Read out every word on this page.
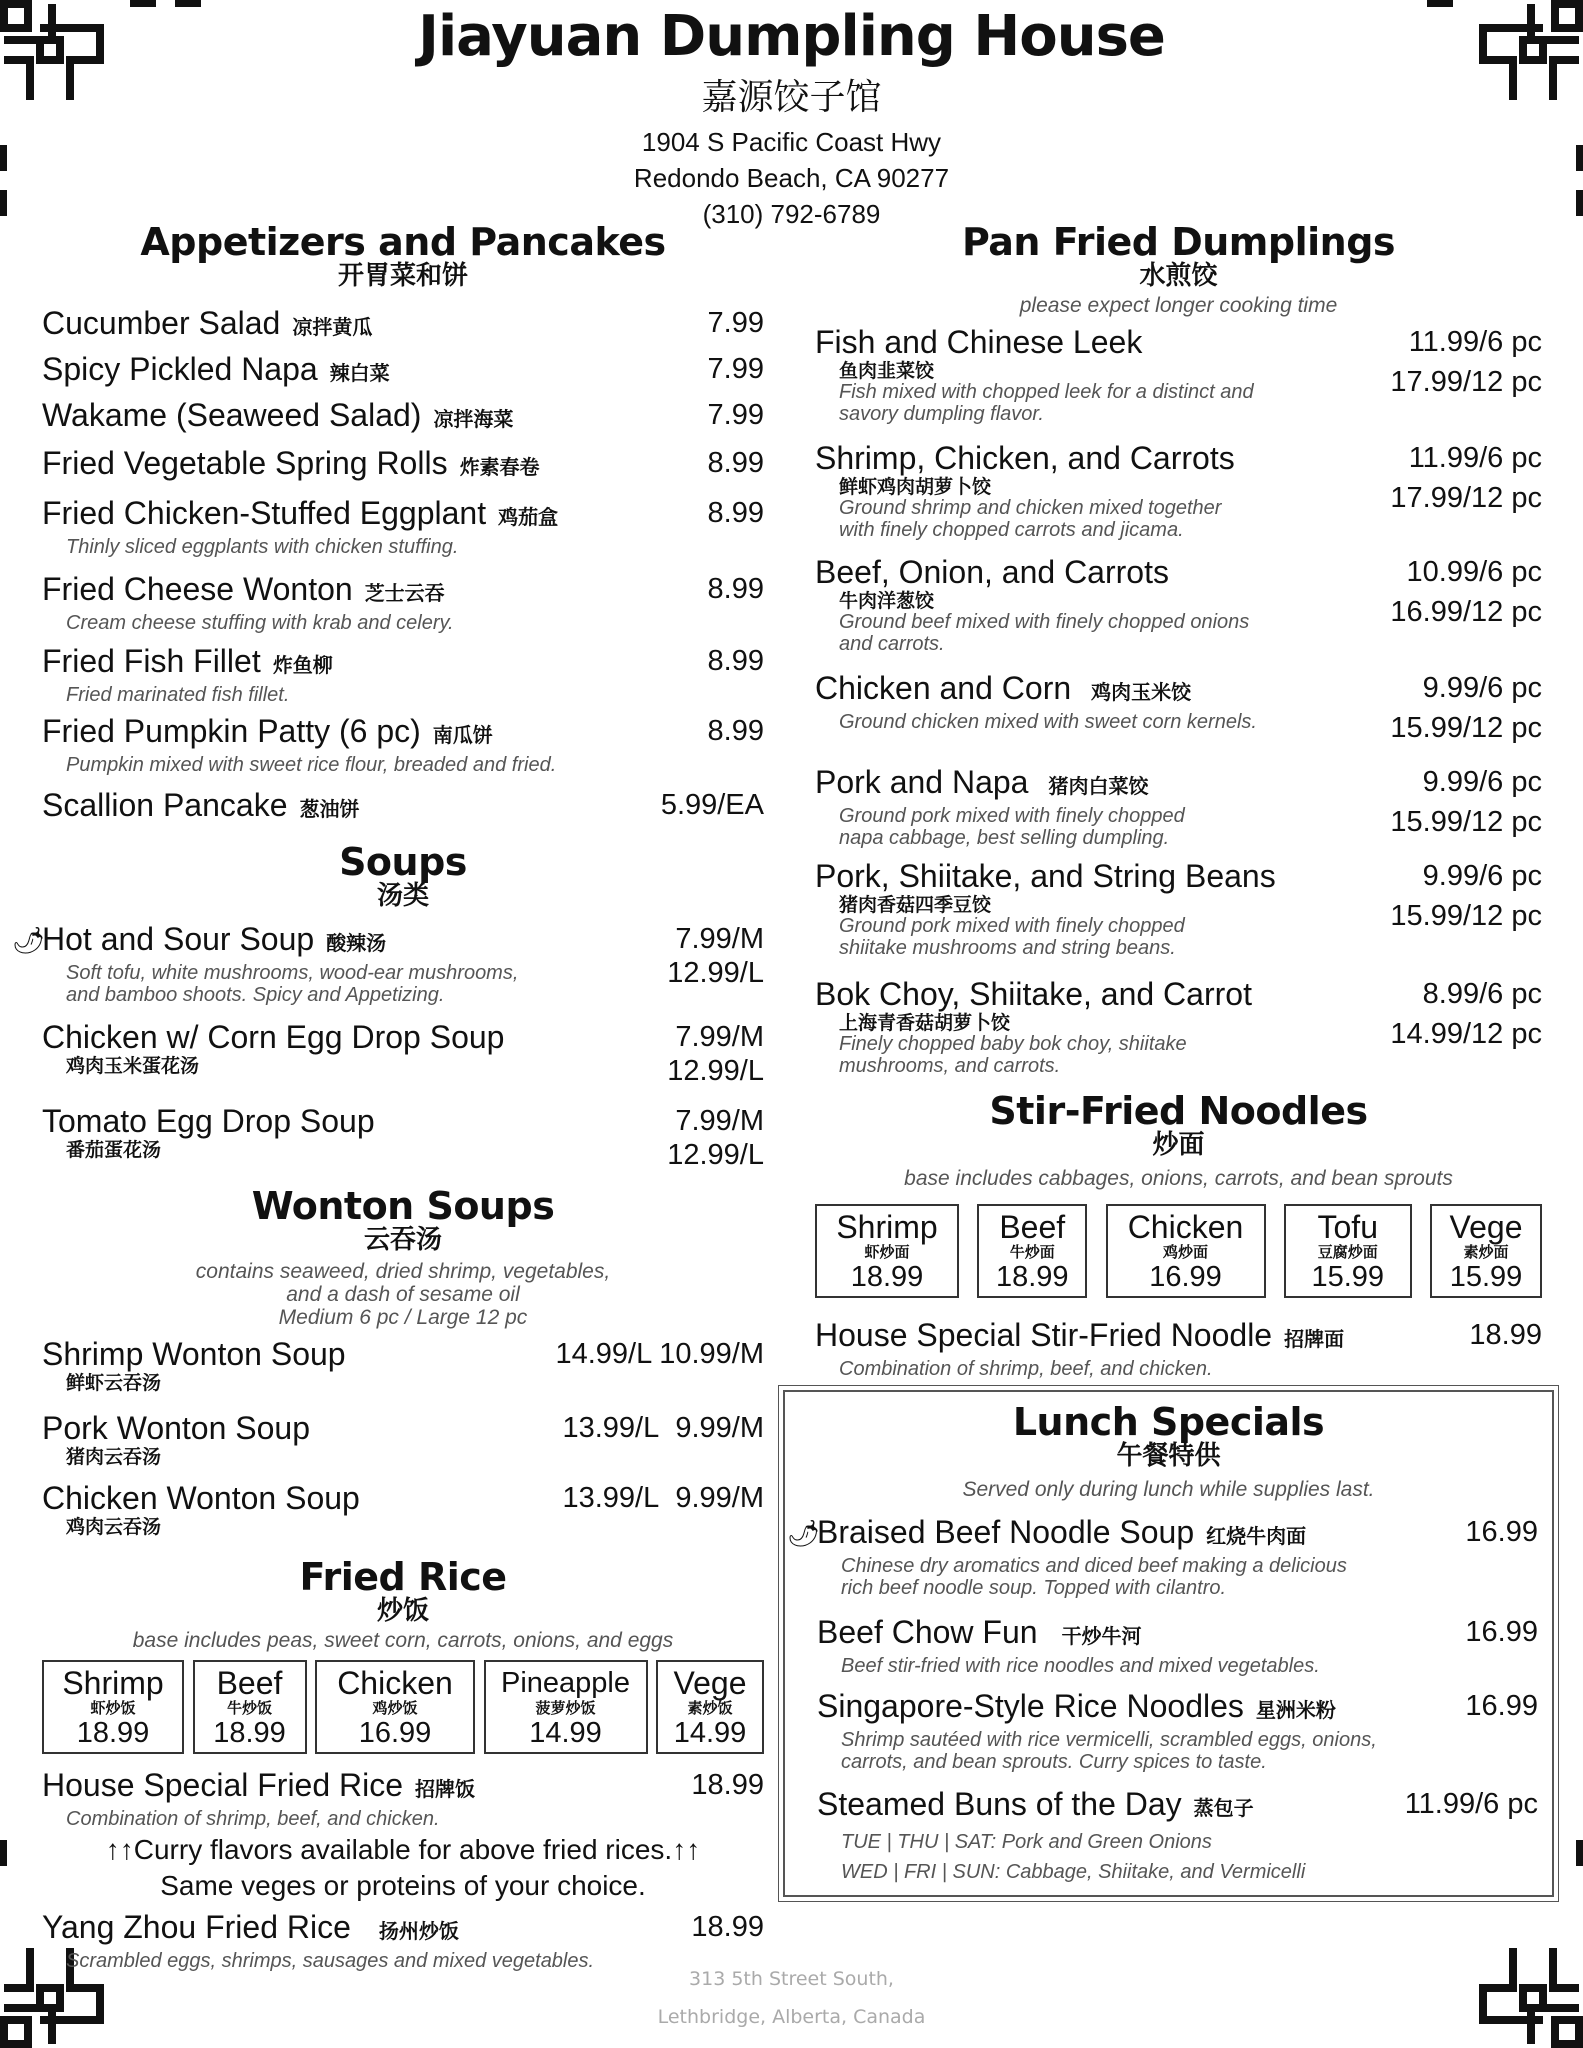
Jiayuan Dumpling House
嘉源饺子馆
1904 S Pacific Coast Hwy
Redondo Beach, CA 90277
(310) 792-6789
Appetizers and Pancakes
开胃菜和饼
Cucumber Salad 凉拌黄瓜	7.99
Spicy Pickled Napa 辣白菜	7.99
Wakame (Seaweed Salad) 凉拌海菜	7.99
Fried Vegetable Spring Rolls 炸素春卷	8.99
Fried Chicken-Stuffed Eggplant 鸡茄盒
Thinly sliced eggplants with chicken stuffing.
8.99
Fried Cheese Wonton 芝士云吞
Cream cheese stuffing with krab and celery.
8.99
Fried Fish Fillet 炸鱼柳
Fried marinated fish fillet.
8.99
Fried Pumpkin Patty (6 pc) 南瓜饼
Pumpkin mixed with sweet rice flour, breaded and fried.
8.99
Scallion Pancake 葱油饼	5.99/EA
Soups
汤类
🌶
Hot and Sour Soup 酸辣汤
Soft tofu, white mushrooms, wood-ear mushrooms,
and bamboo shoots. Spicy and Appetizing.
7.99/M
12.99/L
Chicken w/ Corn Egg Drop Soup
鸡肉玉米蛋花汤
7.99/M
12.99/L
Tomato Egg Drop Soup
番茄蛋花汤
7.99/M
12.99/L
Wonton Soups
云吞汤
contains seaweed, dried shrimp, vegetables,
and a dash of sesame oil
Medium 6 pc / Large 12 pc
Shrimp Wonton Soup
鲜虾云吞汤
14.99/L 10.99/M
Pork Wonton Soup
猪肉云吞汤
13.99/L 9.99/M
Chicken Wonton Soup
鸡肉云吞汤
13.99/L 9.99/M
Fried Rice
炒饭
base includes peas, sweet corn, carrots, onions, and eggs
Shrimp
虾炒饭
18.99
Beef
牛炒饭
18.99
Chicken
鸡炒饭
16.99
Pineapple
菠萝炒饭
14.99
Vege
素炒饭
14.99
House Special Fried Rice 招牌饭
Combination of shrimp, beef, and chicken.
18.99
↑↑Curry flavors available for above fried rices.↑↑
Same veges or proteins of your choice.
Yang Zhou Fried Rice 扬州炒饭
Scrambled eggs, shrimps, sausages and mixed vegetables.
18.99
Pan Fried Dumplings
水煎饺
please expect longer cooking time
Fish and Chinese Leek
鱼肉韭菜饺
Fish mixed with chopped leek for a distinct and
savory dumpling flavor.
11.99/6 pc
17.99/12 pc
Shrimp, Chicken, and Carrots
鲜虾鸡肉胡萝卜饺
Ground shrimp and chicken mixed together
with finely chopped carrots and jicama.
11.99/6 pc
17.99/12 pc
Beef, Onion, and Carrots
牛肉洋葱饺
Ground beef mixed with finely chopped onions
and carrots.
10.99/6 pc
16.99/12 pc
Chicken and Corn 鸡肉玉米饺
Ground chicken mixed with sweet corn kernels.
9.99/6 pc
15.99/12 pc
Pork and Napa 猪肉白菜饺
Ground pork mixed with finely chopped
napa cabbage, best selling dumpling.
9.99/6 pc
15.99/12 pc
Pork, Shiitake, and String Beans
猪肉香菇四季豆饺
Ground pork mixed with finely chopped
shiitake mushrooms and string beans.
9.99/6 pc
15.99/12 pc
Bok Choy, Shiitake, and Carrot
上海青香菇胡萝卜饺
Finely chopped baby bok choy, shiitake
mushrooms, and carrots.
8.99/6 pc
14.99/12 pc
Stir-Fried Noodles
炒面
base includes cabbages, onions, carrots, and bean sprouts
Shrimp
虾炒面
18.99
Beef
牛炒面
18.99
Chicken
鸡炒面
16.99
Tofu
豆腐炒面
15.99
Vege
素炒面
15.99
House Special Stir-Fried Noodle 招牌面
Combination of shrimp, beef, and chicken.
18.99
Lunch Specials
午餐特供
Served only during lunch while supplies last.
🌶
Braised Beef Noodle Soup 红烧牛肉面
Chinese dry aromatics and diced beef making a delicious
rich beef noodle soup. Topped with cilantro.
16.99
Beef Chow Fun 干炒牛河
Beef stir-fried with rice noodles and mixed vegetables.
16.99
Singapore-Style Rice Noodles 星洲米粉
Shrimp sautéed with rice vermicelli, scrambled eggs, onions,
carrots, and bean sprouts. Curry spices to taste.
16.99
Steamed Buns of the Day 蒸包子
TUE | THU | SAT: Pork and Green Onions
WED | FRI | SUN: Cabbage, Shiitake, and Vermicelli
11.99/6 pc
313 5th Street South,
Lethbridge, Alberta, Canada
